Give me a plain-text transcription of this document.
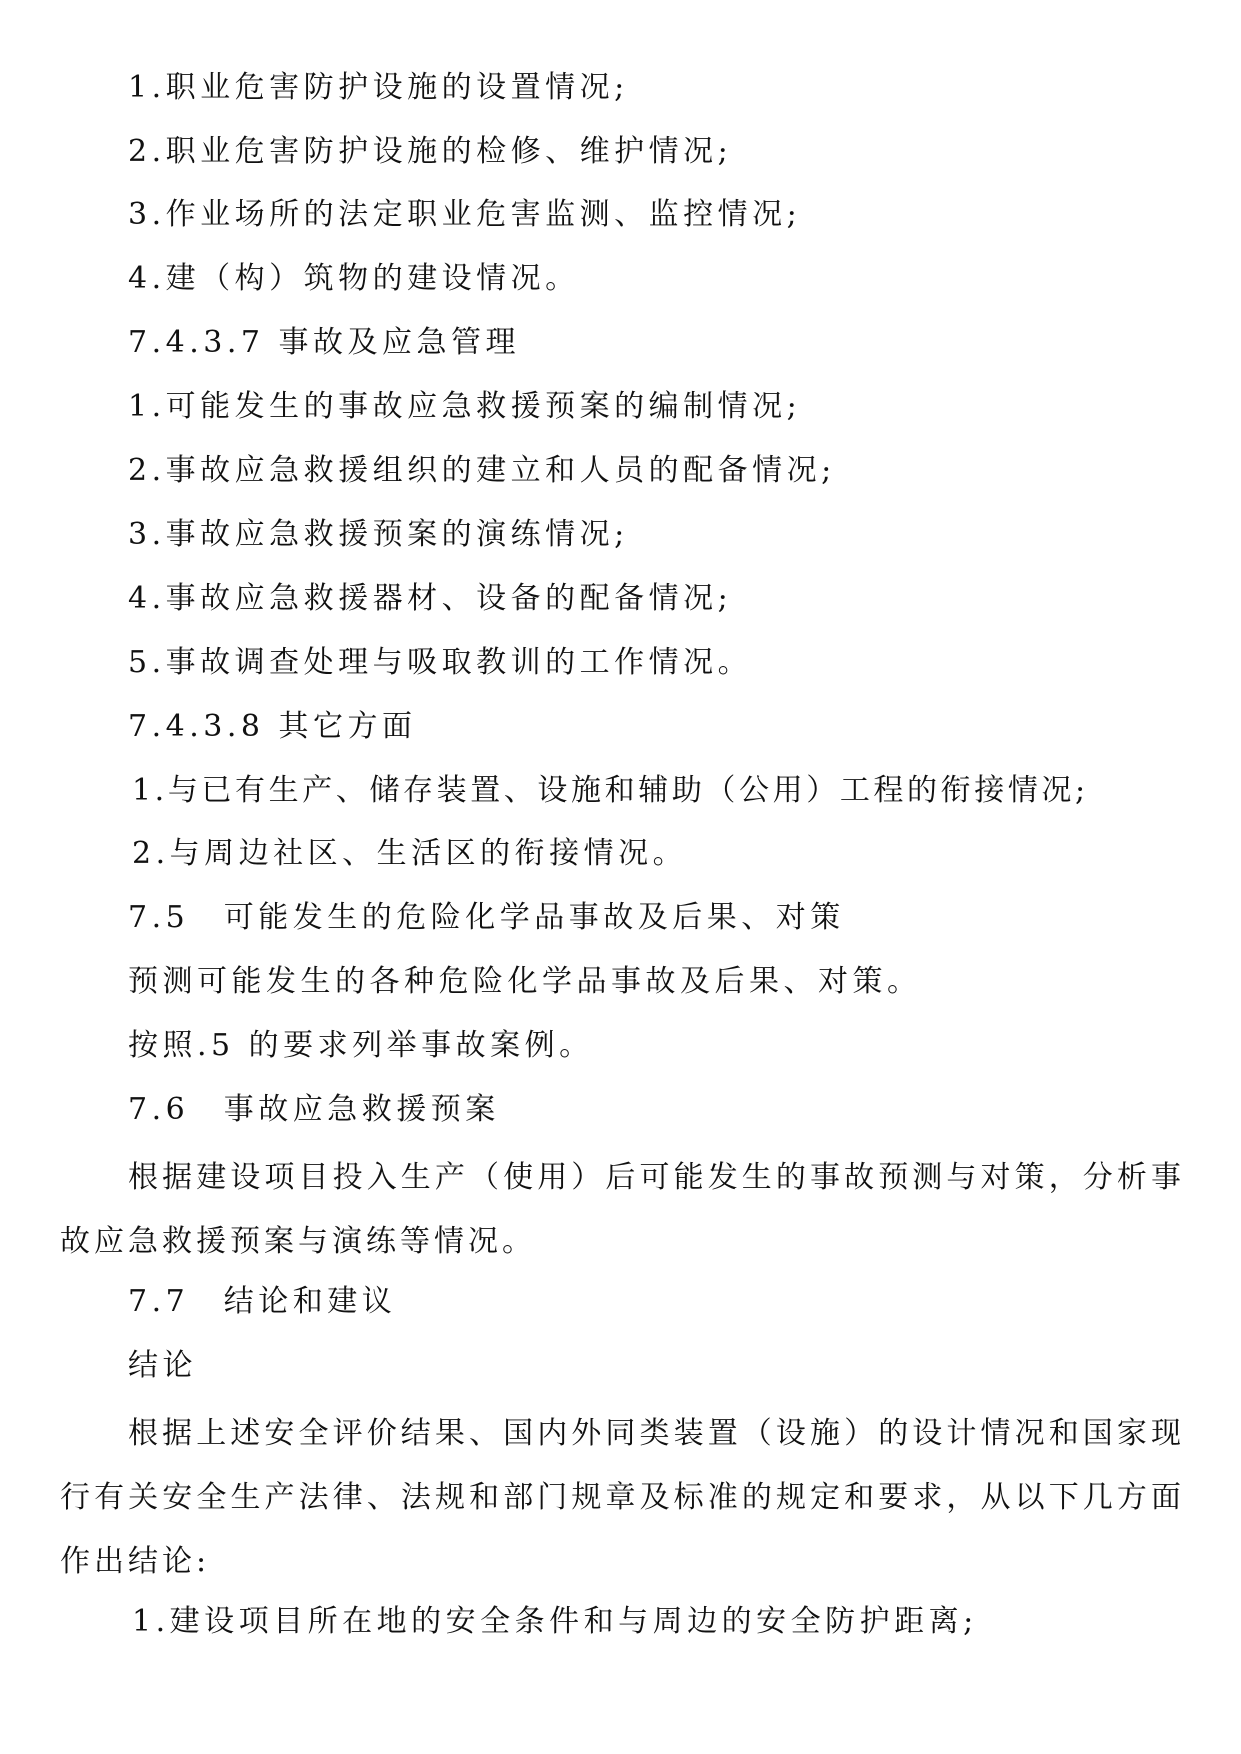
1.职业危害防护设施的设置情况;
2.职业危害防护设施的检修、维护情况;
3.作业场所的法定职业危害监测、监控情况;
4.建（构）筑物的建设情况。
7.4.3.7 事故及应急管理
1.可能发生的事故应急救援预案的编制情况;
2.事故应急救援组织的建立和人员的配备情况;
3.事故应急救援预案的演练情况;
4.事故应急救援器材、设备的配备情况;
5.事故调查处理与吸取教训的工作情况。
7.4.3.8 其它方面
1.与已有生产、储存装置、设施和辅助（公用）工程的衔接情况;
2.与周边社区、生活区的衔接情况。
7.5　可能发生的危险化学品事故及后果、对策
预测可能发生的各种危险化学品事故及后果、对策。
按照.5 的要求列举事故案例。
7.6　事故应急救援预案
根据建设项目投入生产（使用）后可能发生的事故预测与对策，分析事故应急救援预案与演练等情况。
7.7　结论和建议
结论
根据上述安全评价结果、国内外同类装置（设施）的设计情况和国家现行有关安全生产法律、法规和部门规章及标准的规定和要求，从以下几方面作出结论:
1.建设项目所在地的安全条件和与周边的安全防护距离;
